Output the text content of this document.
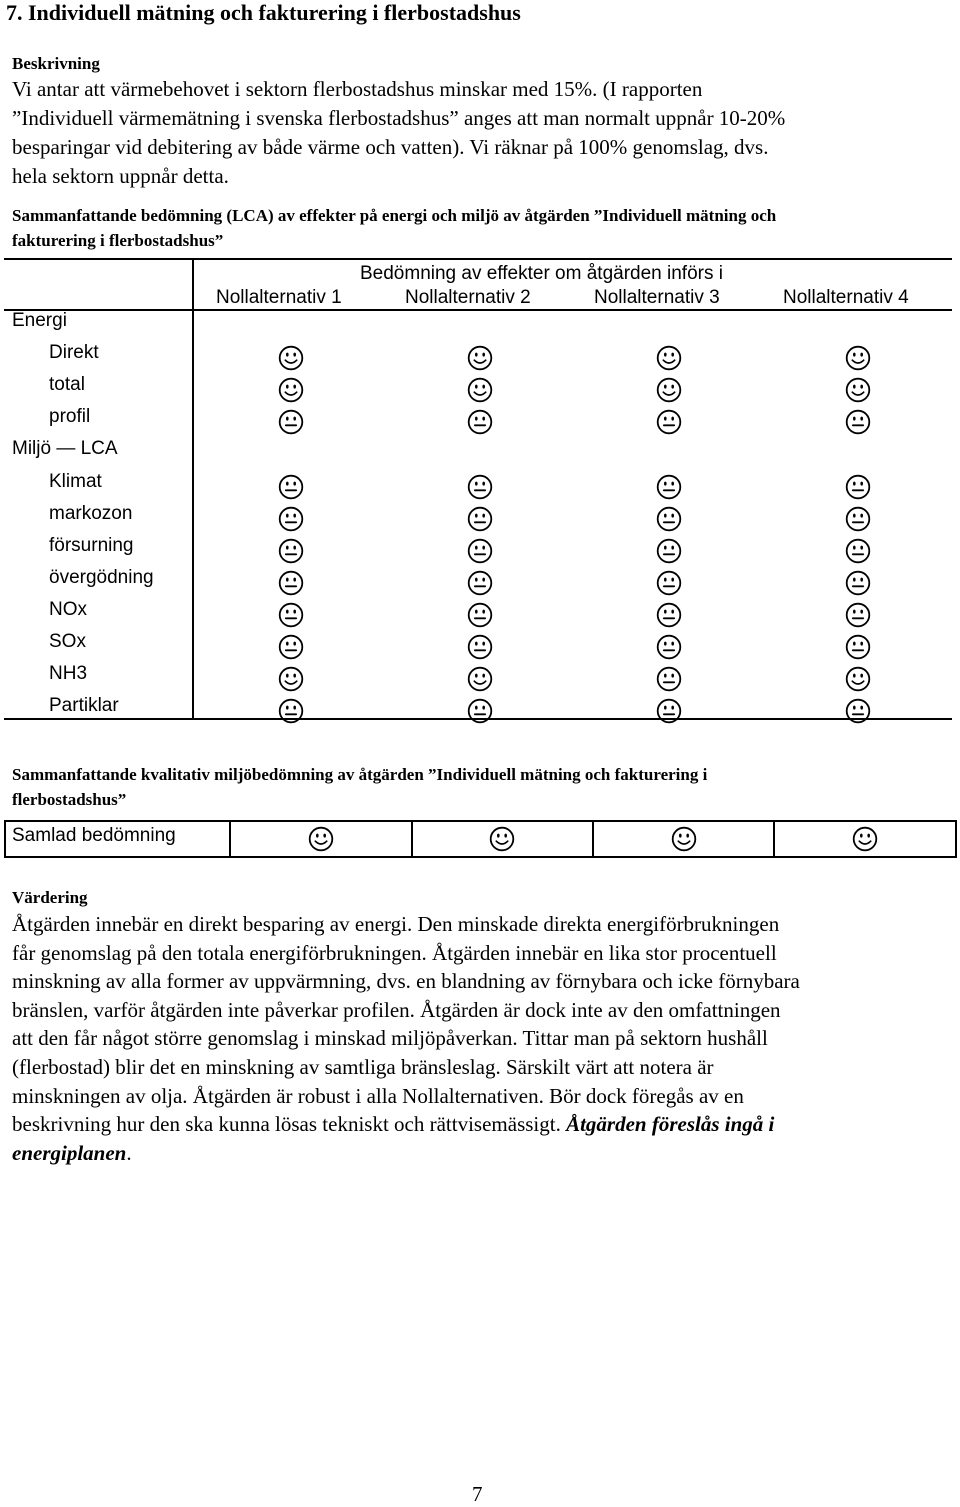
7. Individuell mätning och fakturering i flerbostadshus
Beskrivning
Vi antar att värmebehovet i sektorn flerbostadshus minskar med 15%. (I rapporten
”Individuell värmemätning i svenska flerbostadshus” anges att man normalt uppnår 10-20%
besparingar vid debitering av både värme och vatten). Vi räknar på 100% genomslag, dvs.
hela sektorn uppnår detta.
Sammanfattande bedömning (LCA) av effekter på energi och miljö av åtgärden ”Individuell mätning och
fakturering i flerbostadshus”
Bedömning av effekter om åtgärden införs i
Nollalternativ 1	Nollalternativ 2	Nollalternativ 3	Nollalternativ 4
Energi
Direkt
total
profil
Miljö — LCA
Klimat
markozon
försurning
övergödning
NOx
SOx
NH3
Partiklar
Sammanfattande kvalitativ miljöbedömning av åtgärden ”Individuell mätning och fakturering i
flerbostadshus”
Samlad bedömning
Värdering
Åtgärden innebär en direkt besparing av energi. Den minskade direkta energiförbrukningen
får genomslag på den totala energiförbrukningen. Åtgärden innebär en lika stor procentuell
minskning av alla former av uppvärmning, dvs. en blandning av förnybara och icke förnybara
bränslen, varför åtgärden inte påverkar profilen. Åtgärden är dock inte av den omfattningen
att den får något större genomslag i minskad miljöpåverkan. Tittar man på sektorn hushåll
(flerbostad) blir det en minskning av samtliga bränsleslag. Särskilt värt att notera är
minskningen av olja. Åtgärden är robust i alla Nollalternativen. Bör dock föregås av en
beskrivning hur den ska kunna lösas tekniskt och rättvisemässigt. Åtgärden föreslås ingå i
energiplanen.
7
